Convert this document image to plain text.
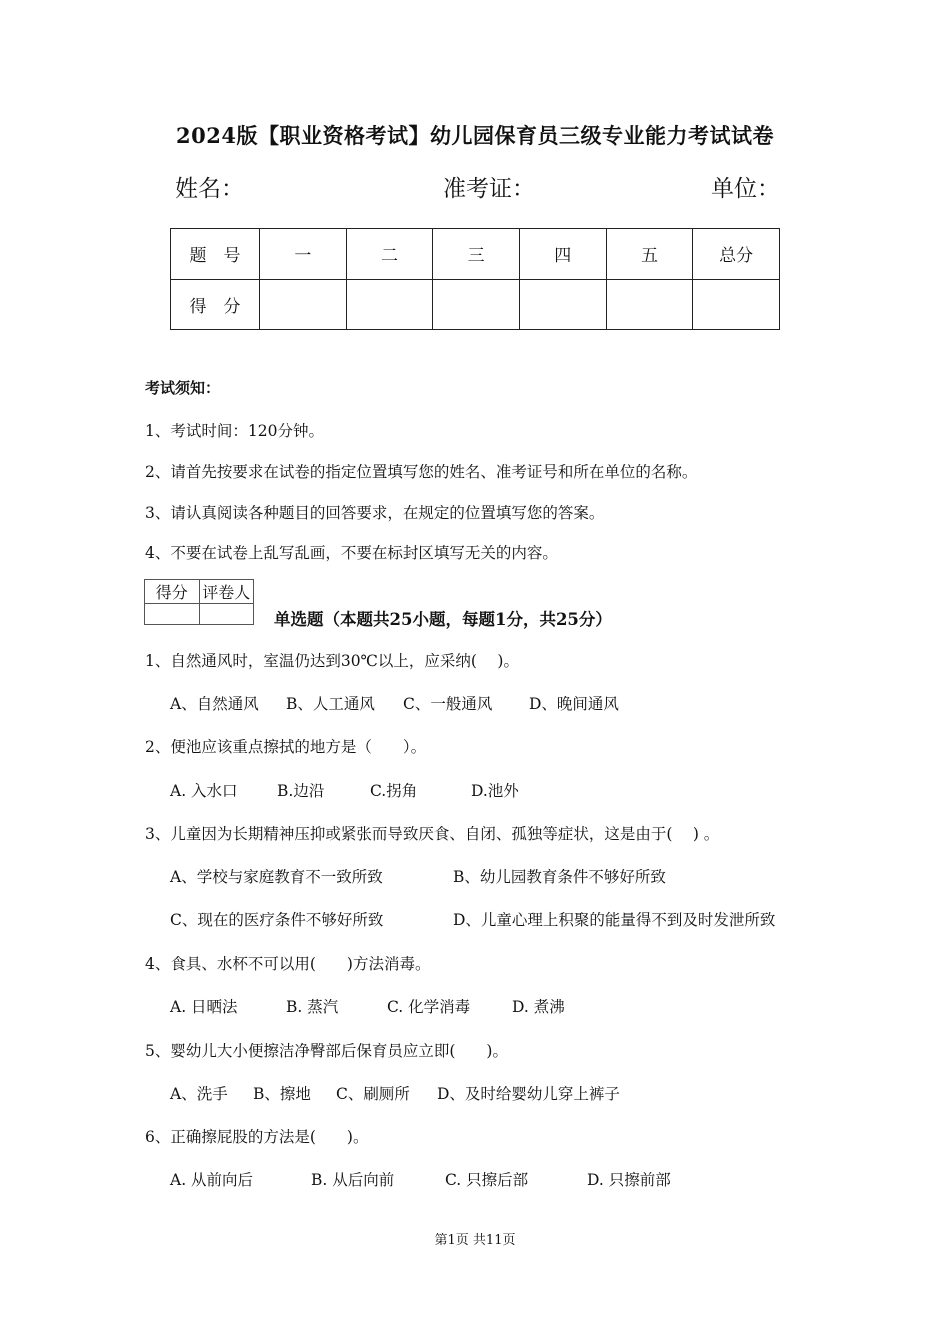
2024版【职业资格考试】幼儿园保育员三级专业能力考试试卷
姓名：	准考证：	单位：
题　号	一	二	三	四	五	总分
得　分						
考试须知：
1、考试时间：120分钟。
2、请首先按要求在试卷的指定位置填写您的姓名、准考证号和所在单位的名称。
3、请认真阅读各种题目的回答要求，在规定的位置填写您的答案。
4、不要在试卷上乱写乱画，不要在标封区填写无关的内容。
得分	评卷人

单选题（本题共25小题，每题1分，共25分）
1、自然通风时，室温仍达到30℃以上，应采纳(　 )。
A、自然通风 B、人工通风 C、一般通风 D、晚间通风
2、便池应该重点擦拭的地方是（　　）。
A. 入水口	B.边沿	C.拐角	D.池外
3、儿童因为长期精神压抑或紧张而导致厌食、自闭、孤独等症状，这是由于(　 ) 。
A、学校与家庭教育不一致所致	B、幼儿园教育条件不够好所致
C、现在的医疗条件不够好所致	D、儿童心理上积聚的能量得不到及时发泄所致
4、食具、水杯不可以用(　　)方法消毒。
A. 日晒法	B. 蒸汽	C. 化学消毒	D. 煮沸
5、婴幼儿大小便擦洁净臀部后保育员应立即(　　)。
A、洗手 B、擦地 C、刷厕所 D、及时给婴幼儿穿上裤子
6、正确擦屁股的方法是(　　)。
A. 从前向后	B. 从后向前	C. 只擦后部	D. 只擦前部
第1页 共11页
